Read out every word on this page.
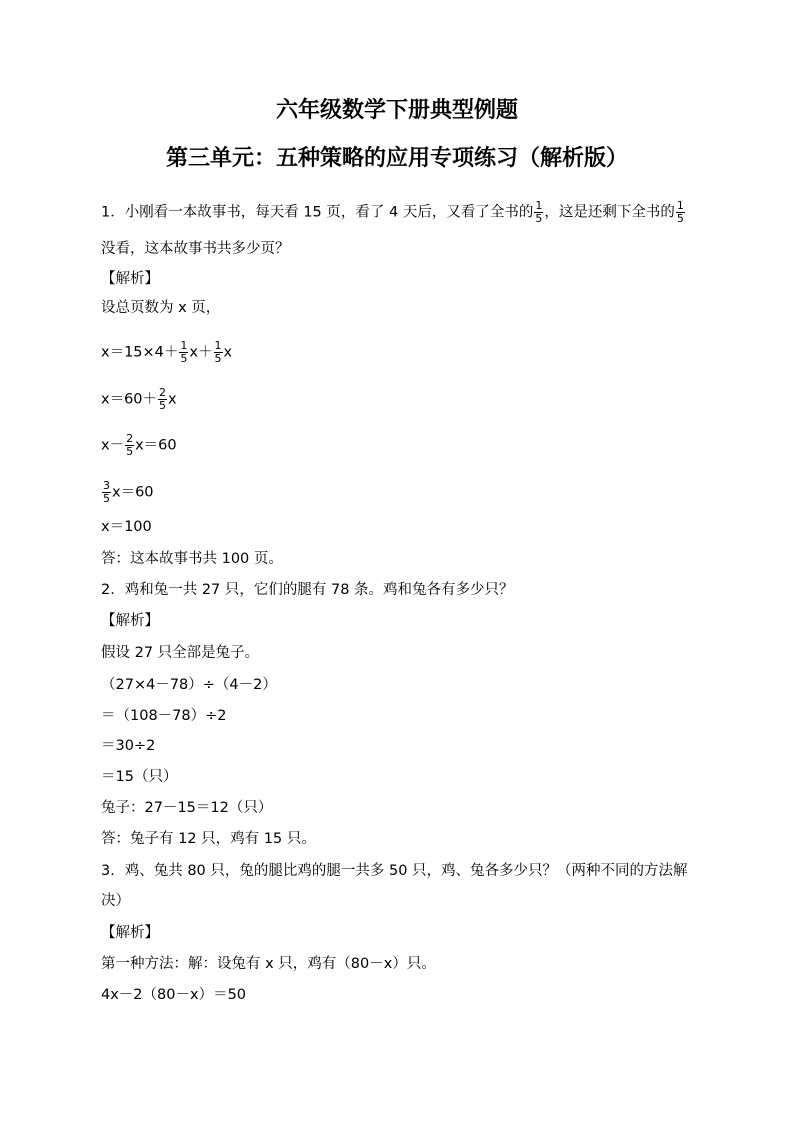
六年级数学下册典型例题
第三单元：五种策略的应用专项练习（解析版）
1．小刚看一本故事书，每天看 15 页，看了 4 天后，又看了全书的 $\frac{1}{5}$ ，这是还剩下全书的 $\frac{1}{5}$
没看，这本故事书共多少页？
【解析】
设总页数为 x 页，
$x=15\times 4+ \frac{1}{5} x+ \frac{1}{5}$ x
$x=60+ \frac{2}{5}$ x
$x- \frac{2}{5} x=60$
$\frac{3}{5} x=60$
x＝100
答：这本故事书共 100 页。
2．鸡和兔一共 27 只，它们的腿有 78 条。鸡和兔各有多少只？
【解析】
假设 27 只全部是兔子。
（27×4－78）÷（4－2）
＝（108－78）÷2
＝30÷2
＝15（只）
兔子：27－15＝12（只）
答：兔子有 12 只，鸡有 15 只。
3．鸡、兔共 80 只，兔的腿比鸡的腿一共多 50 只，鸡、兔各多少只？（两种不同的方法解
决）
【解析】
第一种方法：解：设兔有 x 只，鸡有（80－x）只。
4x－2（80－x）＝50
